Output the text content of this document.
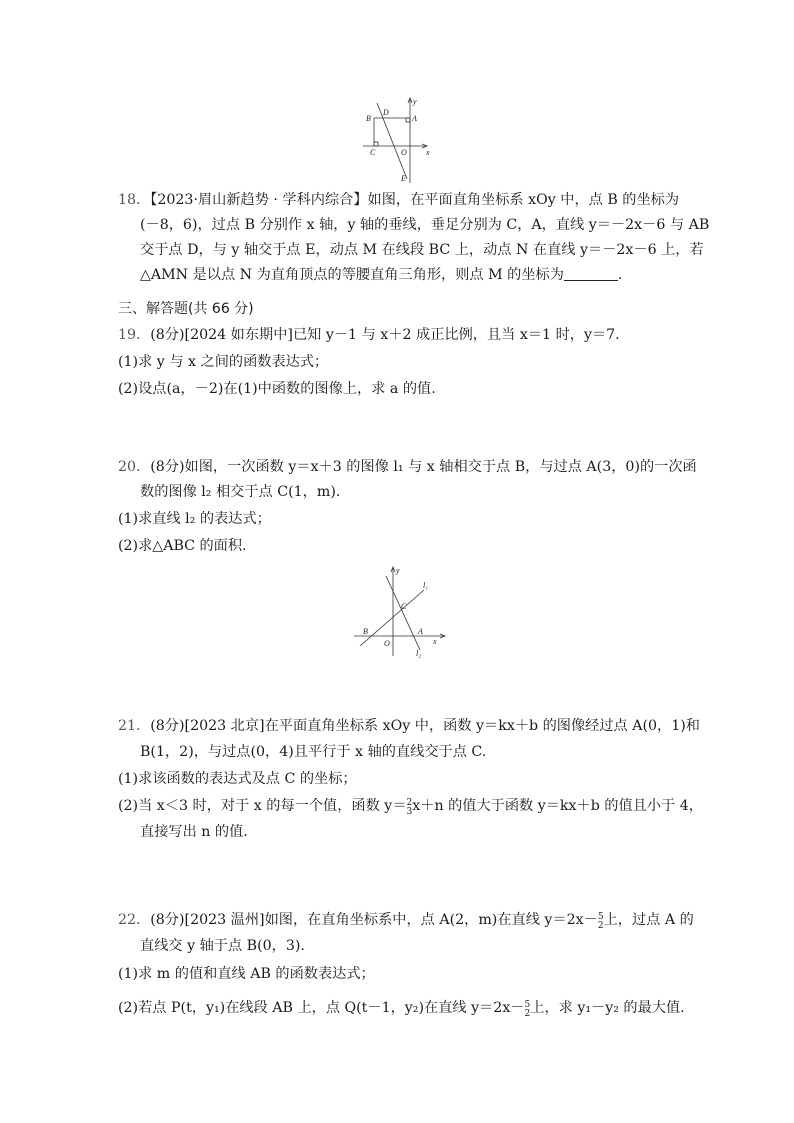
y
B
D
A
C	O x
E
18．【2023·眉山新趋势 · 学科内综合】如图，在平面直角坐标系 xOy 中，点 B 的坐标为
(－8，6)，过点 B 分别作 x 轴，y 轴的垂线，垂足分别为 C，A，直线 y＝－2x－6 与 AB
交于点 D，与 y 轴交于点 E，动点 M 在线段 BC 上，动点 N 在直线 y＝－2x－6 上，若
△AMN 是以点 N 为直角顶点的等腰直角三角形，则点 M 的坐标为	.
三、解答题(共 66 分)
19．(8分)[2024 如东期中]已知 y－1 与 x＋2 成正比例，且当 x＝1 时，y＝7.
(1)求 y 与 x 之间的函数表达式；
(2)设点(a，－2)在(1)中函数的图像上，求 a 的值.
20．(8分)如图，一次函数 y＝x＋3 的图像 l₁ 与 x 轴相交于点 B，与过点 A(3，0)的一次函
数的图像 l₂ 相交于点 C(1，m).
(1)求直线 l₂ 的表达式；
(2)求△ABC 的面积.
y
l₁
C
B	A
O	x
l₂
21．(8分)[2023 北京]在平面直角坐标系 xOy 中，函数 y＝kx＋b 的图像经过点 A(0，1)和
B(1，2)，与过点(0，4)且平行于 x 轴的直线交于点 C.
(1)求该函数的表达式及点 C 的坐标；
(2)当 x＜3 时，对于 x 的每一个值，函数 y＝ 2
3 x＋n 的值大于函数 y＝kx＋b 的值且小于 4，
直接写出 n 的值.
22．(8分)[2023 温州]如图，在直角坐标系中，点 A(2，m)在直线 y＝2x－ 5
2 上，过点 A 的
直线交 y 轴于点 B(0，3).
(1)求 m 的值和直线 AB 的函数表达式；
(2)若点 P(t，y₁)在线段 AB 上，点 Q(t－1，y₂)在直线 y＝2x－ 5
2 上，求 y₁－y₂ 的最大值.
